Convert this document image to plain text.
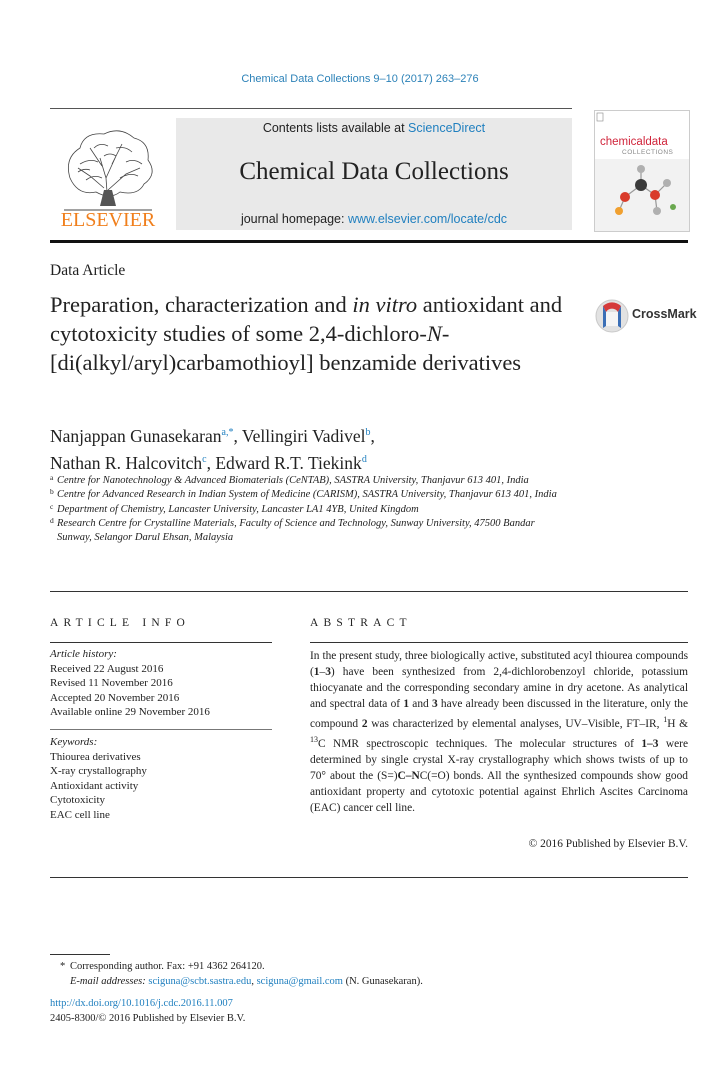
Chemical Data Collections 9–10 (2017) 263–276
ELSEVIER
Contents lists available at ScienceDirect
Chemical Data Collections
journal homepage: www.elsevier.com/locate/cdc
chemicaldata
COLLECTIONS
Data Article
Preparation, characterization and in vitro antioxidant and cytotoxicity studies of some 2,4-dichloro-N-[di(alkyl/aryl)carbamothioyl] benzamide derivatives
CrossMark
Nanjappan Gunasekaran$^{a,*}$, Vellingiri Vadivel$^b$,
Nathan R. Halcovitch$^c$, Edward R.T. Tiekink$^d$
a Centre for Nanotechnology & Advanced Biomaterials (CeNTAB), SASTRA University, Thanjavur 613 401, India
b Centre for Advanced Research in Indian System of Medicine (CARISM), SASTRA University, Thanjavur 613 401, India
c Department of Chemistry, Lancaster University, Lancaster LA1 4YB, United Kingdom
d Research Centre for Crystalline Materials, Faculty of Science and Technology, Sunway University, 47500 Bandar Sunway, Selangor Darul Ehsan, Malaysia
ARTICLE INFO	ABSTRACT
Article history:
Received 22 August 2016
Revised 11 November 2016
Accepted 20 November 2016
Available online 29 November 2016
Keywords:
Thiourea derivatives
X-ray crystallography
Antioxidant activity
Cytotoxicity
EAC cell line
In the present study, three biologically active, substituted acyl thiourea compounds (1–3) have been synthesized from 2,4-dichlorobenzoyl chloride, potassium thiocyanate and the corresponding secondary amine in dry acetone. As analytical and spectral data of 1 and 3 have already been discussed in the literature, only the compound 2 was characterized by elemental analyses, UV–Visible, FT–IR, $^1$H & $^{13}$C NMR spectroscopic techniques. The molecular structures of 1–3 were determined by single crystal X-ray crystallography which shows twists of up to 70° about the (S=)C–NC(=O) bonds. All the synthesized compounds show good antioxidant property and cytotoxic potential against Ehrlich Ascites Carcinoma (EAC) cancer cell line.
© 2016 Published by Elsevier B.V.
* Corresponding author. Fax: +91 4362 264120.
E-mail addresses: sciguna@scbt.sastra.edu, sciguna@gmail.com (N. Gunasekaran).
http://dx.doi.org/10.1016/j.cdc.2016.11.007
2405-8300/© 2016 Published by Elsevier B.V.
